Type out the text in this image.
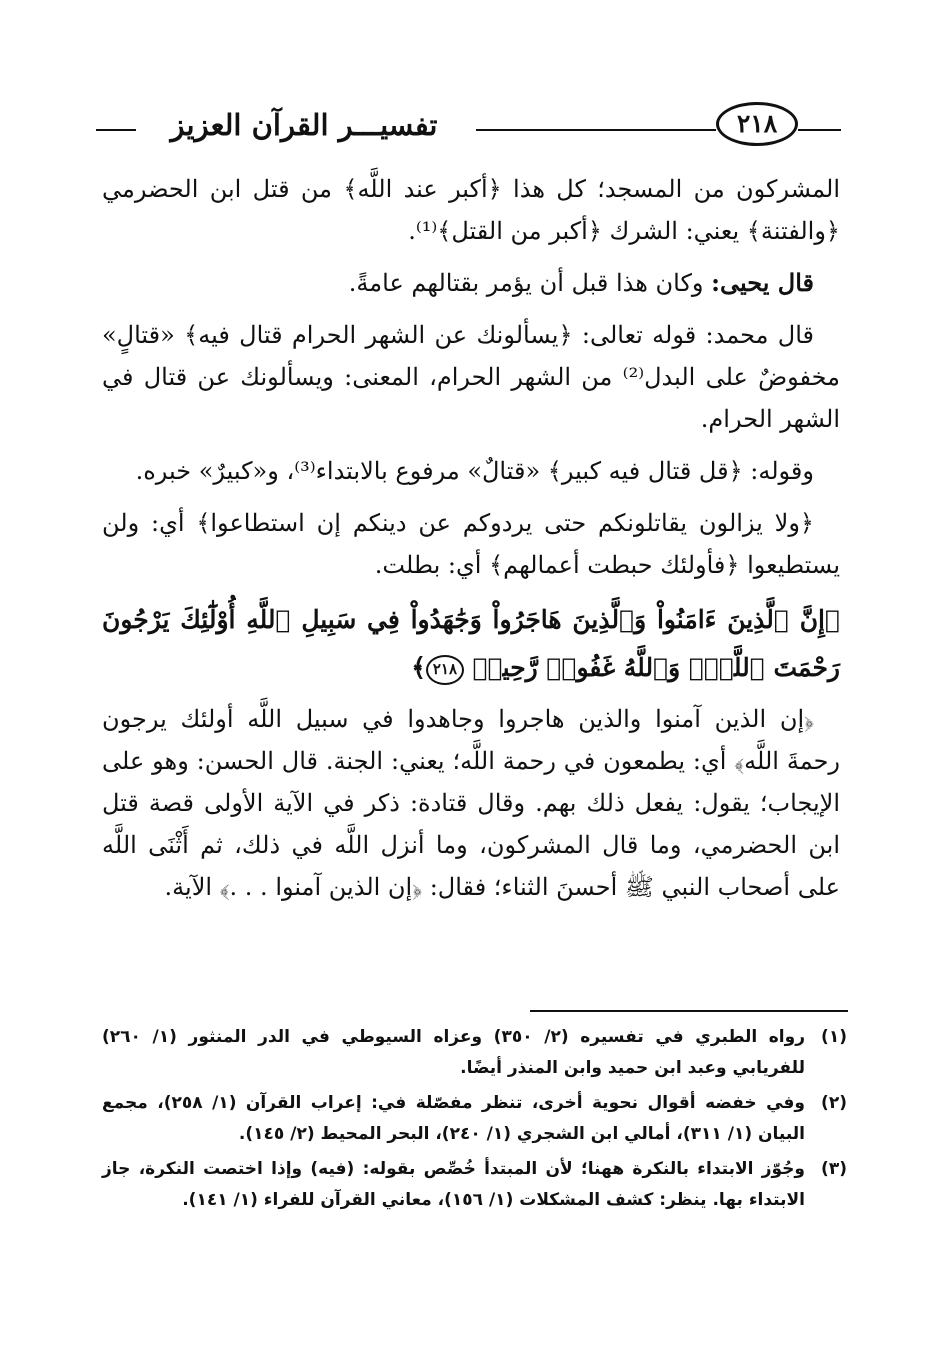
تفسيـــر القرآن العزيز	٢١٨

المشركون من المسجد؛ كل هذا ﴿أكبر عند اللَّه﴾ من قتل ابن الحضرمي ﴿والفتنة﴾ يعني: الشرك ﴿أكبر من القتل﴾⁽¹⁾.

قال يحيى: وكان هذا قبل أن يؤمر بقتالهم عامةً.

قال محمد: قوله تعالى: ﴿يسألونك عن الشهر الحرام قتال فيه﴾ «قتالٍ» مخفوضٌ على البدل⁽²⁾ من الشهر الحرام، المعنى: ويسألونك عن قتال في الشهر الحرام.

وقوله: ﴿قل قتال فيه كبير﴾ «قتالٌ» مرفوع بالابتداء⁽³⁾، و«كبيرٌ» خبره.

﴿ولا يزالون يقاتلونكم حتى يردوكم عن دينكم إن استطاعوا﴾ أي: ولن يستطيعوا ﴿فأولئك حبطت أعمالهم﴾ أي: بطلت.

﴿إِنَّ ٱلَّذِينَ ءَامَنُواْ وَٱلَّذِينَ هَاجَرُواْ وَجَٰهَدُواْ فِي سَبِيلِ ٱللَّهِ أُوْلَٰٓئِكَ يَرْجُونَ رَحْمَتَ ٱللَّهِۚ وَٱللَّهُ غَفُورٞ رَّحِيمٞ ٢١٨﴾

﴿إن الذين آمنوا والذين هاجروا وجاهدوا في سبيل اللَّه أولئك يرجون رحمةَ اللَّه﴾ أي: يطمعون في رحمة اللَّه؛ يعني: الجنة. قال الحسن: وهو على الإيجاب؛ يقول: يفعل ذلك بهم. وقال قتادة: ذكر في الآية الأولى قصة قتل ابن الحضرمي، وما قال المشركون، وما أنزل اللَّه في ذلك، ثم أَثْنَى اللَّه على أصحاب النبي ﷺ أحسنَ الثناء؛ فقال: ﴿إن الذين آمنوا . . .﴾ الآية.

(١)
رواه الطبري في تفسيره (٢/ ٣٥٠) وعزاه السيوطي في الدر المنثور (١/ ٢٦٠) للفريابي وعبد ابن حميد وابن المنذر أيضًا.
(٢)
وفي خفضه أقوال نحوية أخرى، تنظر مفصّلة في: إعراب القرآن (١/ ٢٥٨)، مجمع البيان (١/ ٣١١)، أمالي ابن الشجري (١/ ٢٤٠)، البحر المحيط (٢/ ١٤٥).
(٣)
وجُوّز الابتداء بالنكرة ههنا؛ لأن المبتدأ خُصِّص بقوله: (فيه) وإذا اختصت النكرة، جاز الابتداء بها. ينظر: كشف المشكلات (١/ ١٥٦)، معاني القرآن للفراء (١/ ١٤١).
